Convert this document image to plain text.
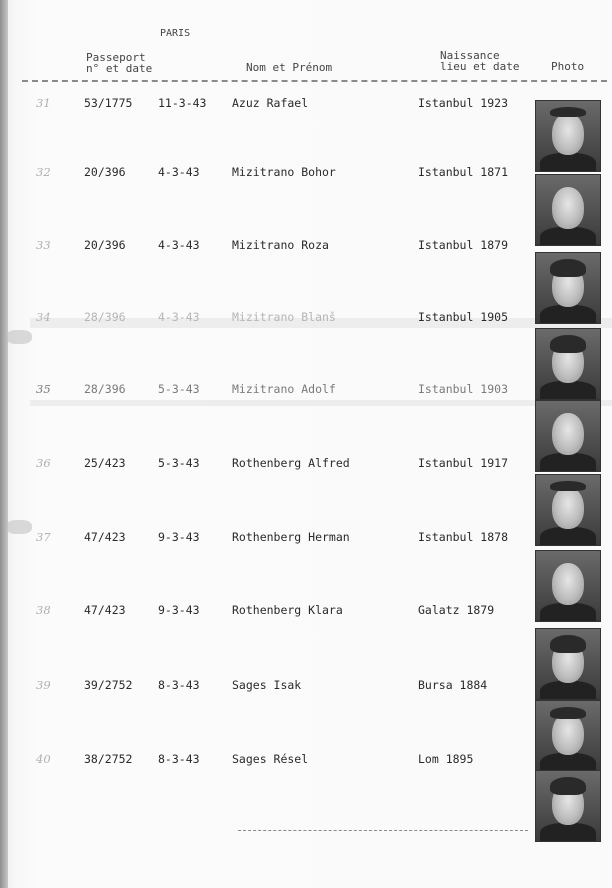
PARIS
Passeport
n° et date	Nom et Prénom
Naissance
lieu et date	Photo
31	53/1775 11-3-43 Azuz Rafael	Istanbul 1923
32	20/396	4-3-43	Mizitrano Bohor	Istanbul 1871
33	20/396	4-3-43	Mizitrano Roza	Istanbul 1879
34	28/396	4-3-43	Mizitrano Blanš	Istanbul 1905
35	28/396	5-3-43	Mizitrano Adolf	Istanbul 1903
36	25/423	5-3-43	Rothenberg Alfred	Istanbul 1917
37	47/423	9-3-43	Rothenberg Herman	Istanbul 1878
38	47/423	9-3-43	Rothenberg Klara	Galatz 1879
39	39/2752 8-3-43	Sages Isak	Bursa 1884
40	38/2752 8-3-43	Sages Résel	Lom 1895
